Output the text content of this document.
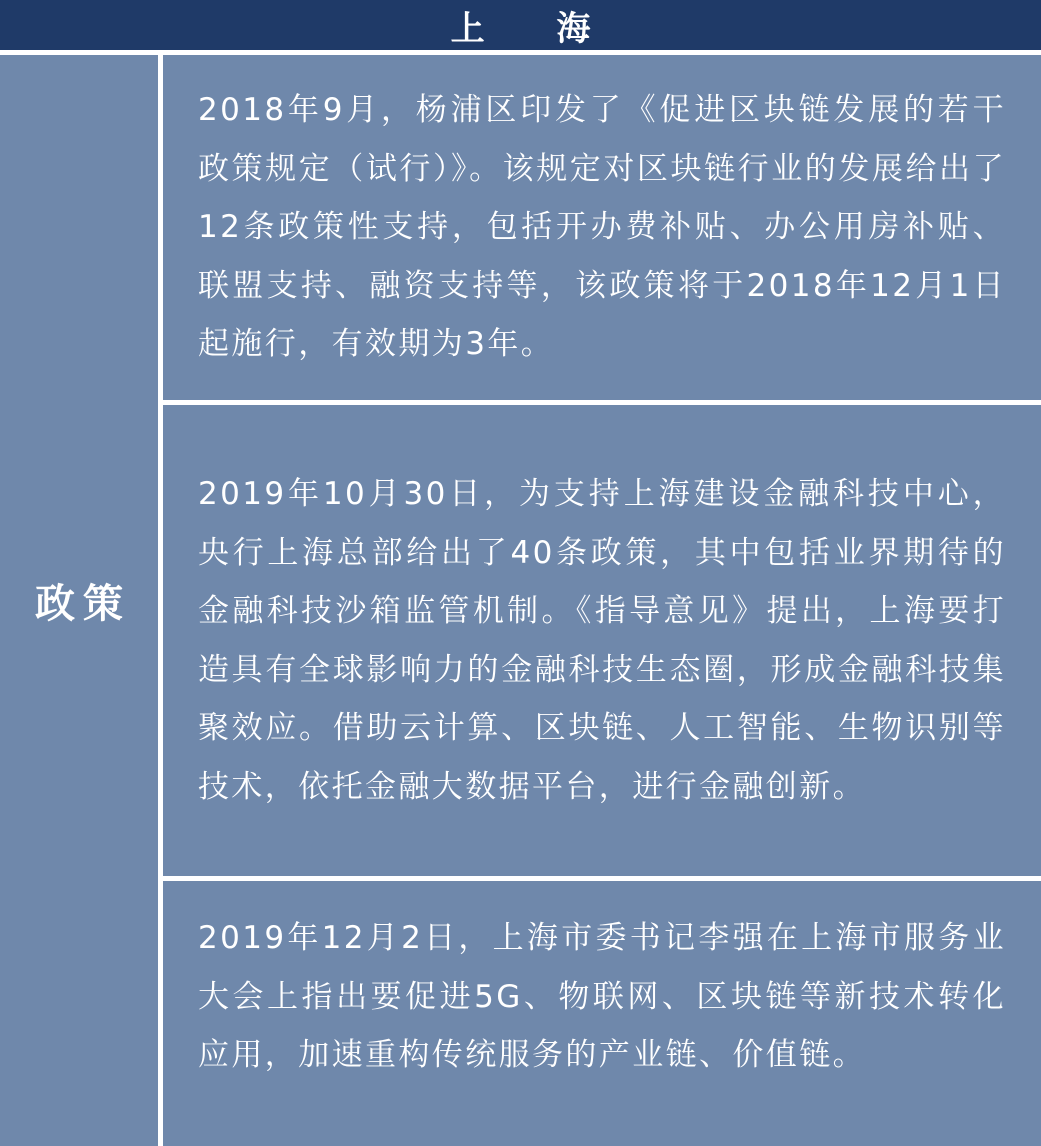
上 海
政策
2018年9月，杨浦区印发了《促进区块链发展的若干政策规定（试行）》。该规定对区块链行业的发展给出了12条政策性支持，包括开办费补贴、办公用房补贴、联盟支持、融资支持等，该政策将于2018年12月1日起施行，有效期为3年。
2019年10月30日，为支持上海建设金融科技中心，央行上海总部给出了40条政策，其中包括业界期待的金融科技沙箱监管机制。《指导意见》提出，上海要打造具有全球影响力的金融科技生态圈，形成金融科技集聚效应。借助云计算、区块链、人工智能、生物识别等技术，依托金融大数据平台，进行金融创新。
2019年12月2日，上海市委书记李强在上海市服务业大会上指出要促进5G、物联网、区块链等新技术转化应用，加速重构传统服务的产业链、价值链。
